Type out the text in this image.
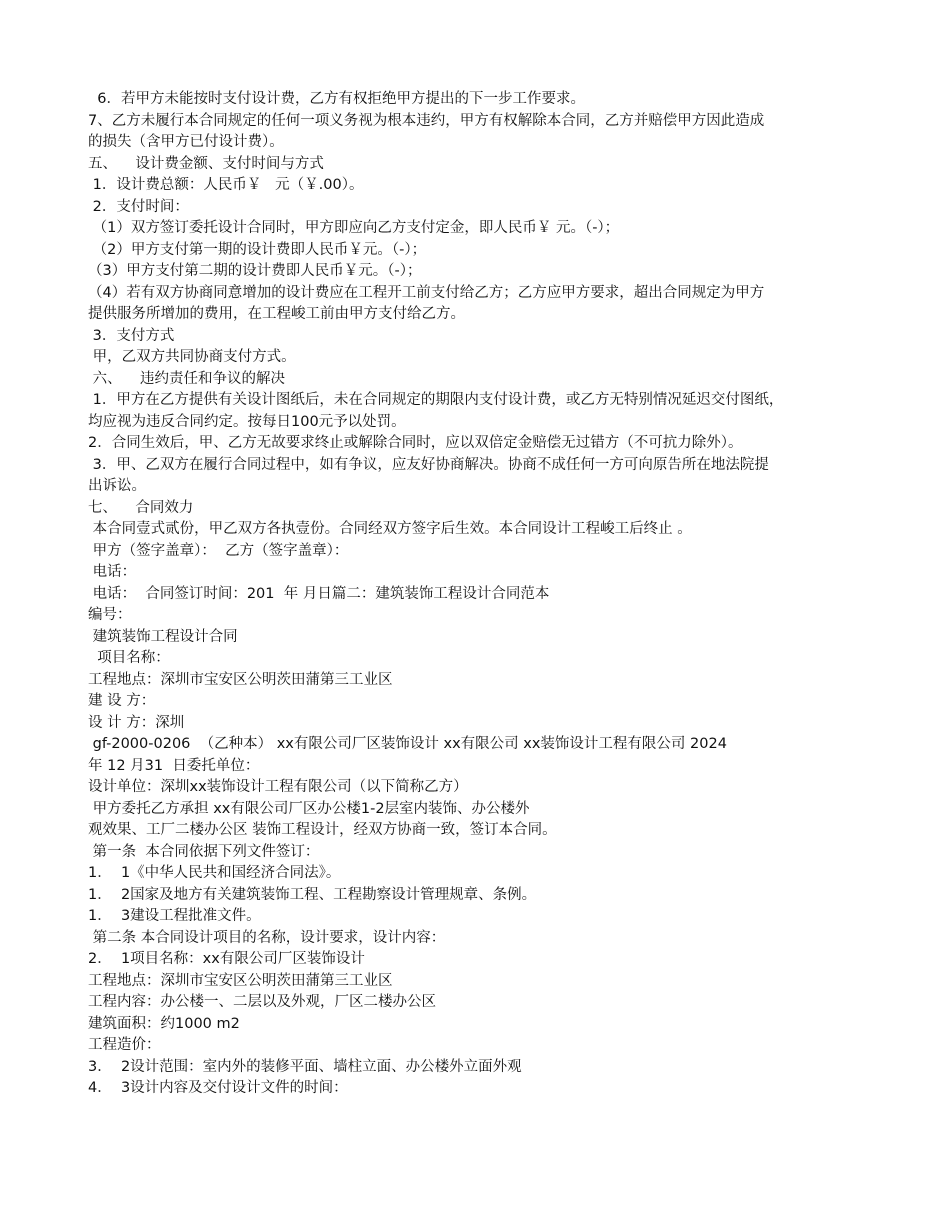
6．若甲方未能按时支付设计费，乙方有权拒绝甲方提出的下一步工作要求。
7、乙方未履行本合同规定的任何一项义务视为根本违约，甲方有权解除本合同，乙方并赔偿甲方因此造成
的损失（含甲方已付设计费）。
五、    设计费金额、支付时间与方式
1．设计费总额：人民币￥   元（￥.00）。
2．支付时间：
（1）双方签订委托设计合同时，甲方即应向乙方支付定金，即人民币￥ 元。（-）；
（2）甲方支付第一期的设计费即人民币￥元。（-）；
（3）甲方支付第二期的设计费即人民币￥元。（-）；
（4）若有双方协商同意增加的设计费应在工程开工前支付给乙方；乙方应甲方要求，超出合同规定为甲方
提供服务所增加的费用，在工程峻工前由甲方支付给乙方。
3．支付方式
甲，乙双方共同协商支付方式。
六、    违约责任和争议的解决
1．甲方在乙方提供有关设计图纸后，未在合同规定的期限内支付设计费，或乙方无特别情况延迟交付图纸，
均应视为违反合同约定。按每日100元予以处罚。
2．合同生效后，甲、乙方无故要求终止或解除合同时，应以双倍定金赔偿无过错方（不可抗力除外）。
3．甲、乙双方在履行合同过程中，如有争议，应友好协商解决。协商不成任何一方可向原告所在地法院提
出诉讼。
七、    合同效力
本合同壹式贰份，甲乙双方各执壹份。合同经双方签字后生效。本合同设计工程峻工后终止 。
甲方（签字盖章）：  乙方（签字盖章）：
电话：
电话：  合同签订时间：201  年 月日篇二：建筑装饰工程设计合同范本
编号：
建筑装饰工程设计合同
项目名称：
工程地点：深圳市宝安区公明茨田蒲第三工业区
建 设 方：
设 计 方：深圳
gf-2000-0206  （乙种本） xx有限公司厂区装饰设计 xx有限公司 xx装饰设计工程有限公司 2024
年 12 月31  日委托单位：
设计单位：深圳xx装饰设计工程有限公司（以下简称乙方）
甲方委托乙方承担 xx有限公司厂区办公楼1-2层室内装饰、办公楼外
观效果、工厂二楼办公区 装饰工程设计，经双方协商一致，签订本合同。
第一条  本合同依据下列文件签订：
1．  1《中华人民共和国经济合同法》。
1．  2国家及地方有关建筑装饰工程、工程勘察设计管理规章、条例。
1．  3建设工程批准文件。
第二条 本合同设计项目的名称，设计要求，设计内容：
2．  1项目名称：xx有限公司厂区装饰设计
工程地点：深圳市宝安区公明茨田蒲第三工业区
工程内容：办公楼一、二层以及外观，厂区二楼办公区
建筑面积：约1000 m2
工程造价：
3．  2设计范围：室内外的装修平面、墙柱立面、办公楼外立面外观
4．  3设计内容及交付设计文件的时间：
